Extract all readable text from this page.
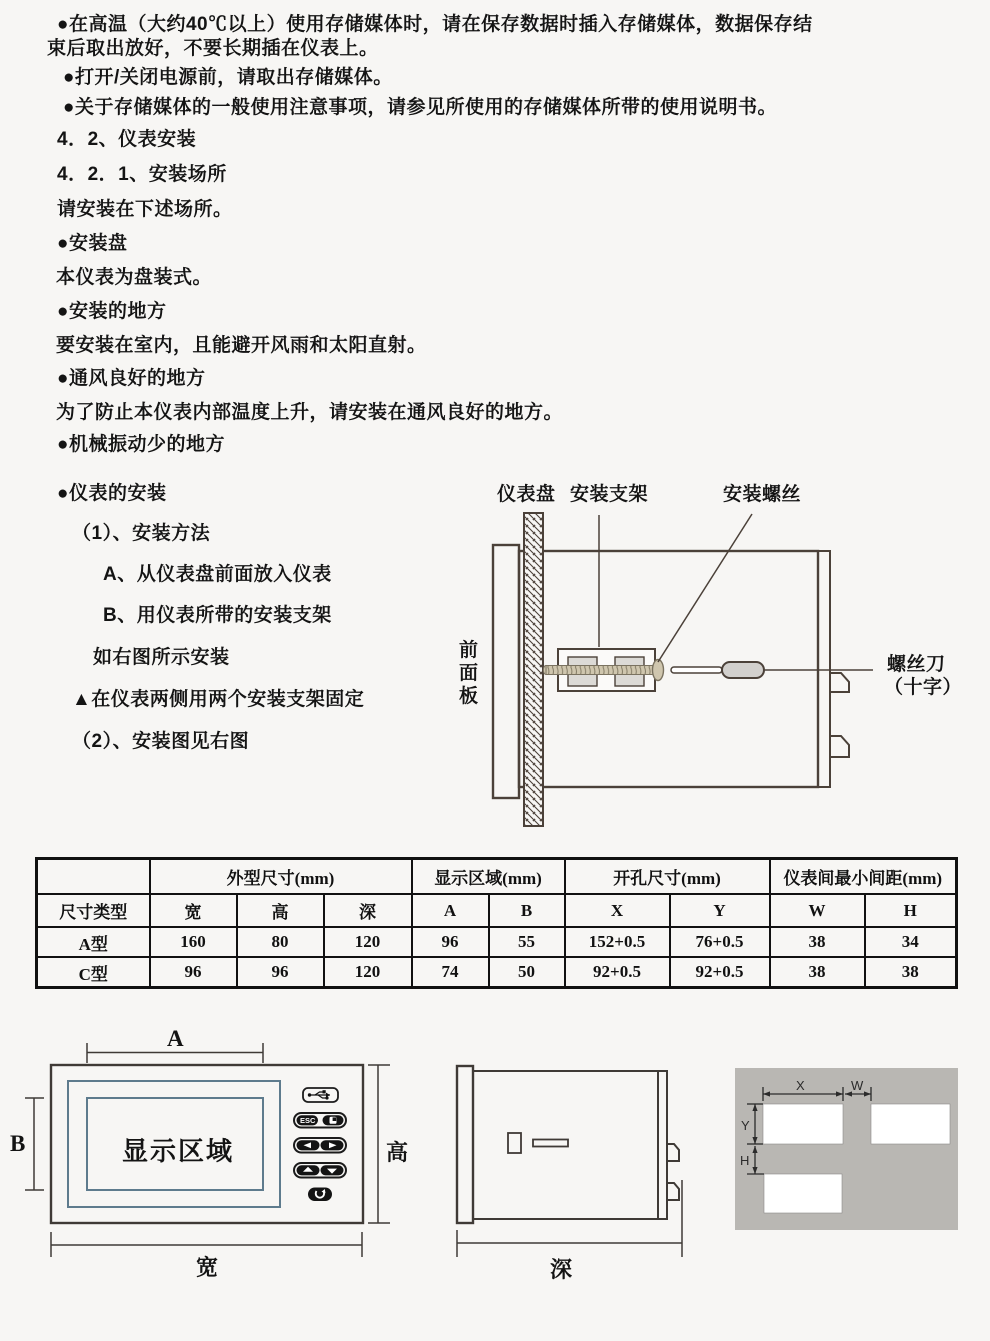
●在高温（大约40℃以上）使用存储媒体时，请在保存数据时插入存储媒体，数据保存结
束后取出放好，不要长期插在仪表上。
●打开/关闭电源前，请取出存储媒体。
●关于存储媒体的一般使用注意事项，请参见所使用的存储媒体所带的使用说明书。
4．2、仪表安装
4．2．1、安装场所
请安装在下述场所。
●安装盘
本仪表为盘装式。
●安装的地方
要安装在室内，且能避开风雨和太阳直射。
●通风良好的地方
为了防止本仪表内部温度上升，请安装在通风良好的地方。
●机械振动少的地方
●仪表的安装
（1）、安装方法
A、从仪表盘前面放入仪表
B、用仪表所带的安装支架
如右图所示安装
▲在仪表两侧用两个安装支架固定
（2）、安装图见右图
仪表盘 安装支架	安装螺丝
前面板
螺丝刀
（十字）
	外型尺寸(mm)			显示区域(mm)		开孔尺寸(mm)		仪表间最小间距(mm)	
尺寸类型	宽	高	深	A	B	X	Y	W	H
A型	160	80	120	96	55	152+0.5	76+0.5	38	34
C型	96	96	120	74	50	92+0.5	92+0.5	38	38
ESC
A
B
宽
高
显示区域
深
X	W
Y
H
